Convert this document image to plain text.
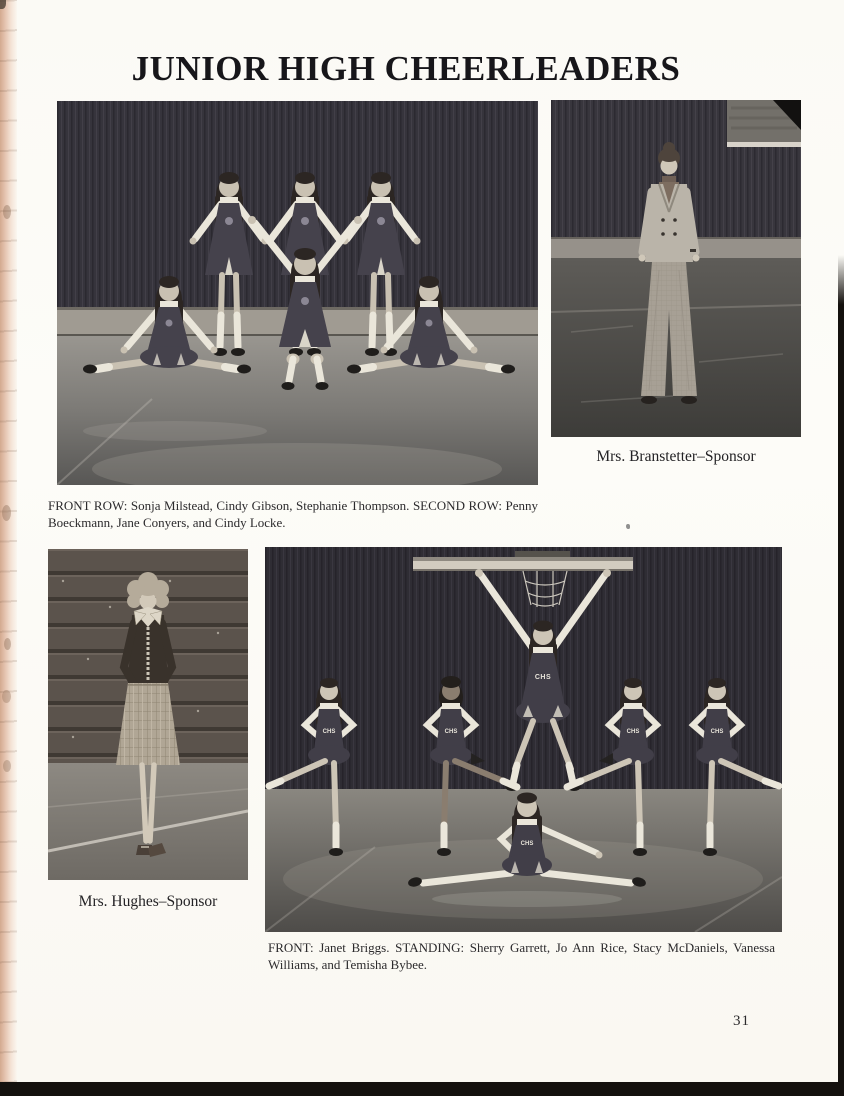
JUNIOR HIGH CHEERLEADERS

Mrs. Branstetter–Sponsor

FRONT ROW: Sonja Milstead, Cindy Gibson, Stephanie Thompson. SECOND ROW: Penny
Boeckmann, Jane Conyers, and Cindy Locke.

Mrs. Hughes–Sponsor

CHS
CHS	CHS	CHS	CHS
CHS

FRONT: Janet Briggs. STANDING: Sherry Garrett, Jo Ann Rice, Stacy McDaniels, Vanessa
Williams, and Temisha Bybee.

31
